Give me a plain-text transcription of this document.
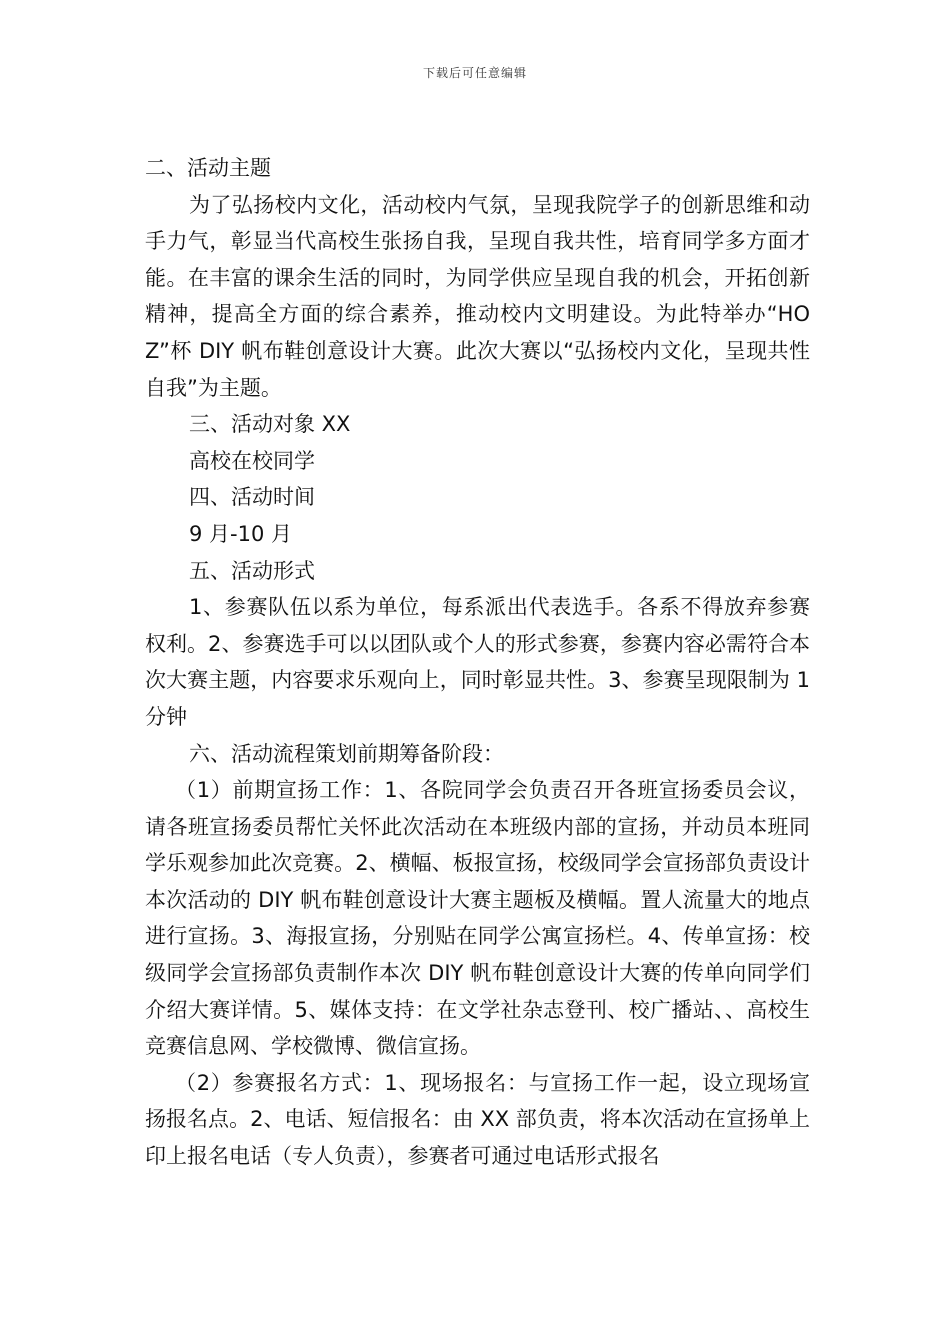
下载后可任意编辑

二、活动主题

为了弘扬校内文化，活动校内气氛，呈现我院学子的创新思维和动手力气，彰显当代高校生张扬自我，呈现自我共性，培育同学多方面才能。在丰富的课余生活的同时，为同学供应呈现自我的机会，开拓创新精神，提高全方面的综合素养，推动校内文明建设。为此特举办“HOZ”杯 DIY 帆布鞋创意设计大赛。此次大赛以“弘扬校内文化，呈现共性自我”为主题。

三、活动对象 XX

高校在校同学

四、活动时间

9 月-10 月

五、活动形式

1、参赛队伍以系为单位，每系派出代表选手。各系不得放弃参赛权利。2、参赛选手可以以团队或个人的形式参赛，参赛内容必需符合本次大赛主题，内容要求乐观向上，同时彰显共性。3、参赛呈现限制为 1 分钟

六、活动流程策划前期筹备阶段：

（1）前期宣扬工作：1、各院同学会负责召开各班宣扬委员会议，请各班宣扬委员帮忙关怀此次活动在本班级内部的宣扬，并动员本班同学乐观参加此次竞赛。2、横幅、板报宣扬，校级同学会宣扬部负责设计本次活动的 DIY 帆布鞋创意设计大赛主题板及横幅。置人流量大的地点进行宣扬。3、海报宣扬，分别贴在同学公寓宣扬栏。4、传单宣扬：校级同学会宣扬部负责制作本次 DIY 帆布鞋创意设计大赛的传单向同学们介绍大赛详情。5、媒体支持：在文学社杂志登刊、校广播站、、高校生竞赛信息网、学校微博、微信宣扬。

（2）参赛报名方式：1、现场报名：与宣扬工作一起，设立现场宣扬报名点。2、电话、短信报名：由 XX 部负责，将本次活动在宣扬单上印上报名电话（专人负责），参赛者可通过电话形式报名
